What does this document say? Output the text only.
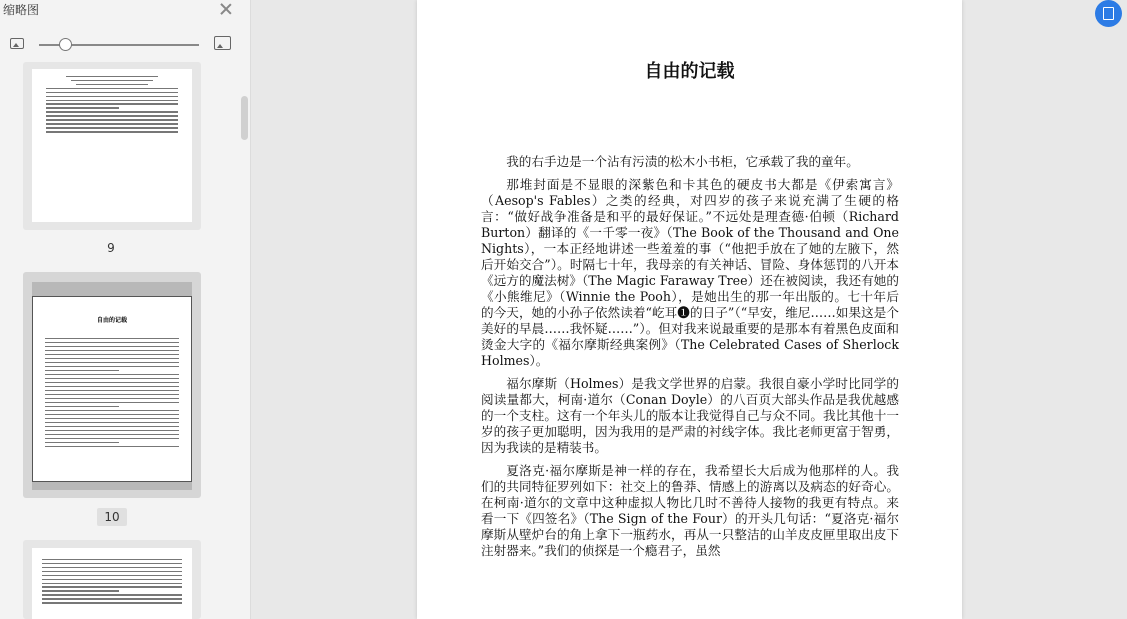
缩略图
9
自由的记载
10
自由的记载

我的右手边是一个沾有污渍的松木小书柜，它承载了我的童年。

那堆封面是不显眼的深紫色和卡其色的硬皮书大都是《伊索寓言》（Aesop's Fables）之类的经典，对四岁的孩子来说充满了生硬的格言：“做好战争准备是和平的最好保证。”不远处是理查德·伯顿（Richard Burton）翻译的《一千零一夜》（The Book of the Thousand and One Nights），一本正经地讲述一些羞羞的事（“他把手放在了她的左腋下，然后开始交合”）。时隔七十年，我母亲的有关神话、冒险、身体惩罚的八开本《远方的魔法树》（The Magic Faraway Tree）还在被阅读，我还有她的《小熊维尼》（Winnie the Pooh），是她出生的那一年出版的。七十年后的今天，她的小孙子依然读着“屹耳❶的日子”（“早安，维尼……如果这是个美好的早晨……我怀疑……”）。但对我来说最重要的是那本有着黑色皮面和烫金大字的《福尔摩斯经典案例》（The Celebrated Cases of Sherlock Holmes）。

福尔摩斯（Holmes）是我文学世界的启蒙。我很自豪小学时比同学的阅读量都大，柯南·道尔（Conan Doyle）的八百页大部头作品是我优越感的一个支柱。这有一个年头儿的版本让我觉得自己与众不同。我比其他十一岁的孩子更加聪明，因为我用的是严肃的衬线字体。我比老师更富于智勇，因为我读的是精装书。

夏洛克·福尔摩斯是神一样的存在，我希望长大后成为他那样的人。我们的共同特征罗列如下：社交上的鲁莽、情感上的游离以及病态的好奇心。在柯南·道尔的文章中这种虚拟人物比几时不善待人接物的我更有特点。来看一下《四签名》（The Sign of the Four）的开头几句话：“夏洛克·福尔摩斯从壁炉台的角上拿下一瓶药水，再从一只整洁的山羊皮皮匣里取出皮下注射器来。”我们的侦探是一个瘾君子，虽然
